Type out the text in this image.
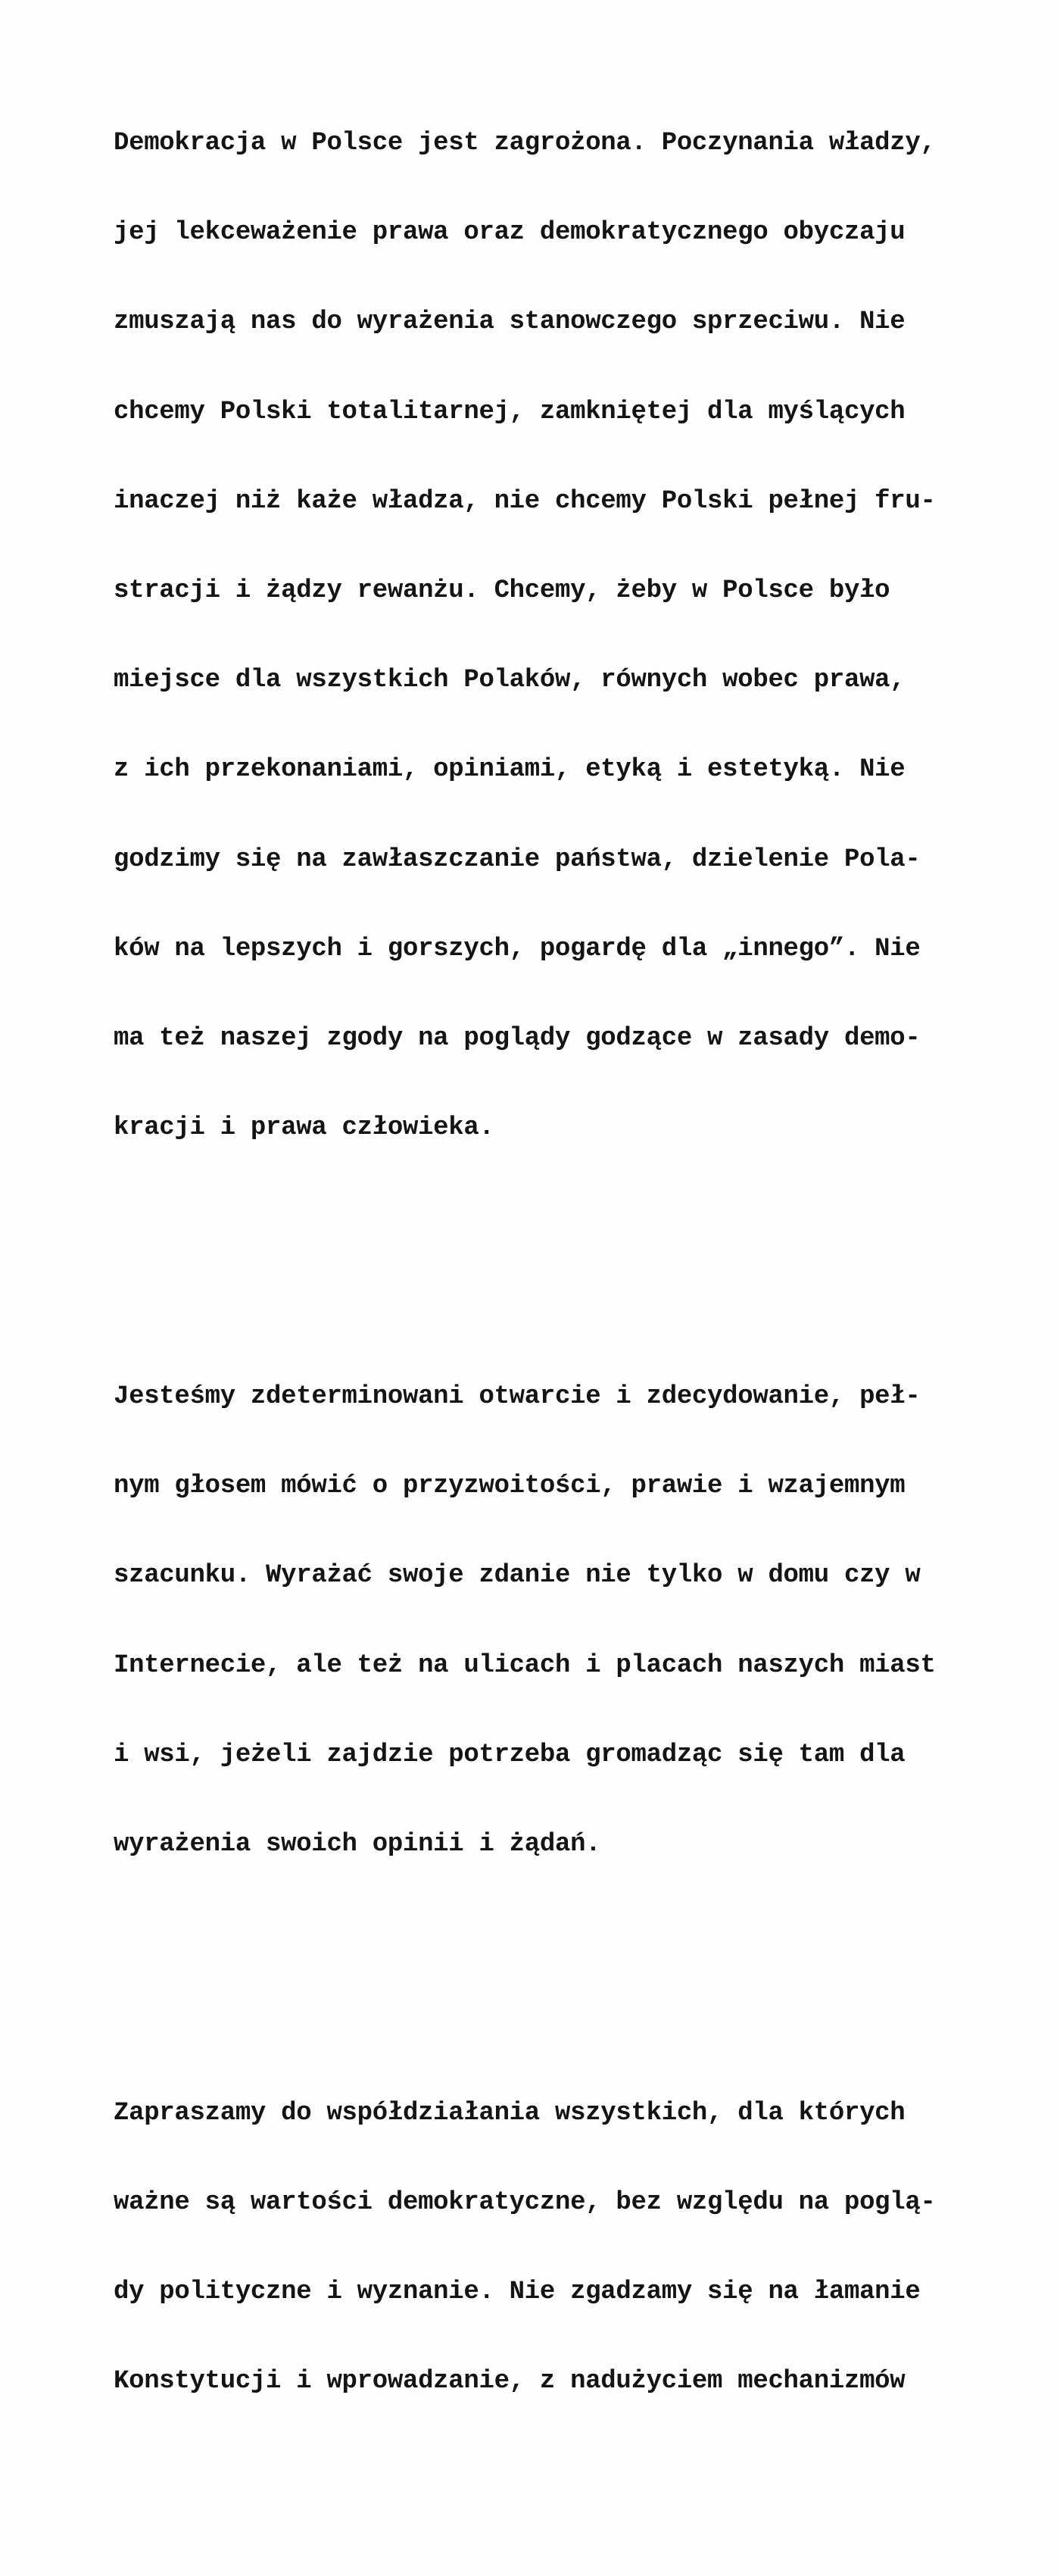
Demokracja w Polsce jest zagrożona. Poczynania władzy,

jej lekceważenie prawa oraz demokratycznego obyczaju

zmuszają nas do wyrażenia stanowczego sprzeciwu. Nie

chcemy Polski totalitarnej, zamkniętej dla myślących

inaczej niż każe władza, nie chcemy Polski pełnej fru-

stracji i żądzy rewanżu. Chcemy, żeby w Polsce było

miejsce dla wszystkich Polaków, równych wobec prawa,

z ich przekonaniami, opiniami, etyką i estetyką. Nie

godzimy się na zawłaszczanie państwa, dzielenie Pola-

ków na lepszych i gorszych, pogardę dla „innego”. Nie

ma też naszej zgody na poglądy godzące w zasady demo-

kracji i prawa człowieka.

Jesteśmy zdeterminowani otwarcie i zdecydowanie, peł-

nym głosem mówić o przyzwoitości, prawie i wzajemnym

szacunku. Wyrażać swoje zdanie nie tylko w domu czy w

Internecie, ale też na ulicach i placach naszych miast

i wsi, jeżeli zajdzie potrzeba gromadząc się tam dla

wyrażenia swoich opinii i żądań.

Zapraszamy do współdziałania wszystkich, dla których

ważne są wartości demokratyczne, bez względu na poglą-

dy polityczne i wyznanie. Nie zgadzamy się na łamanie

Konstytucji i wprowadzanie, z nadużyciem mechanizmów
